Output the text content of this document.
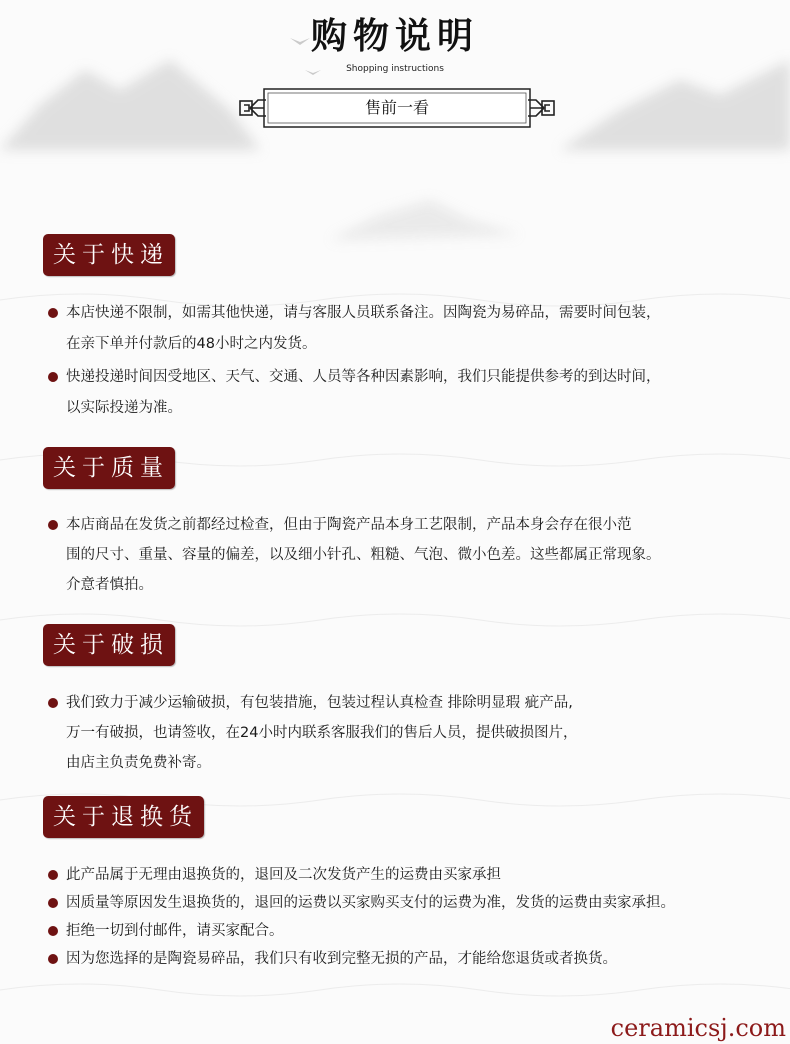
购物说明
Shopping instructions
售前一看
关于快递
本店快递不限制，如需其他快递，请与客服人员联系备注。因陶瓷为易碎品，需要时间包装，
在亲下单并付款后的48小时之内发货。
快递投递时间因受地区、天气、交通、人员等各种因素影响，我们只能提供参考的到达时间，
以实际投递为准。
关于质量
本店商品在发货之前都经过检查，但由于陶瓷产品本身工艺限制，产品本身会存在很小范
围的尺寸、重量、容量的偏差，以及细小针孔、粗糙、气泡、微小色差。这些都属正常现象。
介意者慎拍。
关于破损
我们致力于减少运输破损，有包装措施，包装过程认真检查 排除明显瑕 疵产品,
万一有破损，也请签收，在24小时内联系客服我们的售后人员，提供破损图片，
由店主负责免费补寄。
关于退换货
此产品属于无理由退换货的，退回及二次发货产生的运费由买家承担
因质量等原因发生退换货的，退回的运费以买家购买支付的运费为准，发货的运费由卖家承担。
拒绝一切到付邮件，请买家配合。
因为您选择的是陶瓷易碎品，我们只有收到完整无损的产品，才能给您退货或者换货。
ceramicsj.com
